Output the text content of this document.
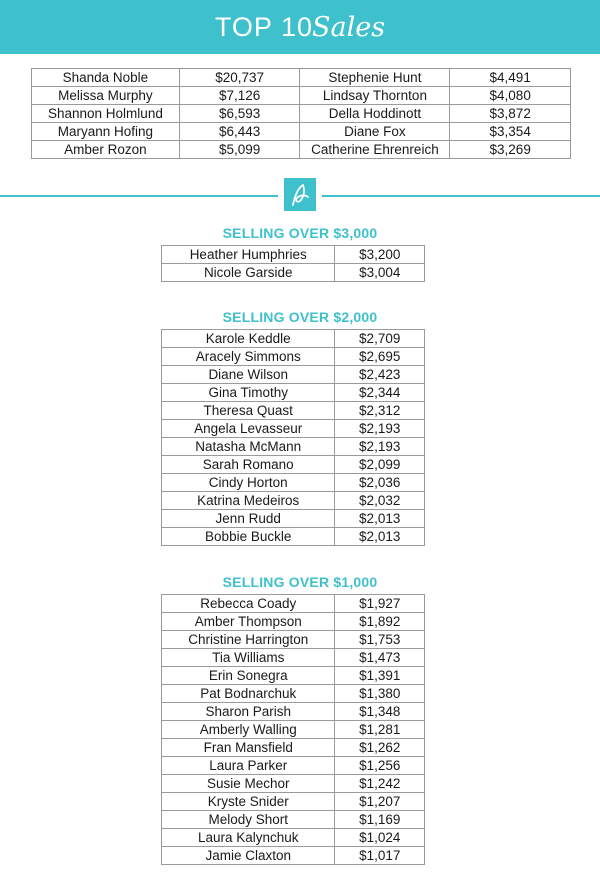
TOP 10 Sales
Shanda Noble	$20,737	Stephenie Hunt	$4,491
Melissa Murphy	$7,126	Lindsay Thornton	$4,080
Shannon Holmlund	$6,593	Della Hoddinott	$3,872
Maryann Hofing	$6,443	Diane Fox	$3,354
Amber Rozon	$5,099	Catherine Ehrenreich	$3,269
SELLING OVER $3,000
Heather Humphries	$3,200
Nicole Garside	$3,004
SELLING OVER $2,000
Karole Keddle	$2,709
Aracely Simmons	$2,695
Diane Wilson	$2,423
Gina Timothy	$2,344
Theresa Quast	$2,312
Angela Levasseur	$2,193
Natasha McMann	$2,193
Sarah Romano	$2,099
Cindy Horton	$2,036
Katrina Medeiros	$2,032
Jenn Rudd	$2,013
Bobbie Buckle	$2,013
SELLING OVER $1,000
Rebecca Coady	$1,927
Amber Thompson	$1,892
Christine Harrington	$1,753
Tia Williams	$1,473
Erin Sonegra	$1,391
Pat Bodnarchuk	$1,380
Sharon Parish	$1,348
Amberly Walling	$1,281
Fran Mansfield	$1,262
Laura Parker	$1,256
Susie Mechor	$1,242
Kryste Snider	$1,207
Melody Short	$1,169
Laura Kalynchuk	$1,024
Jamie Claxton	$1,017
